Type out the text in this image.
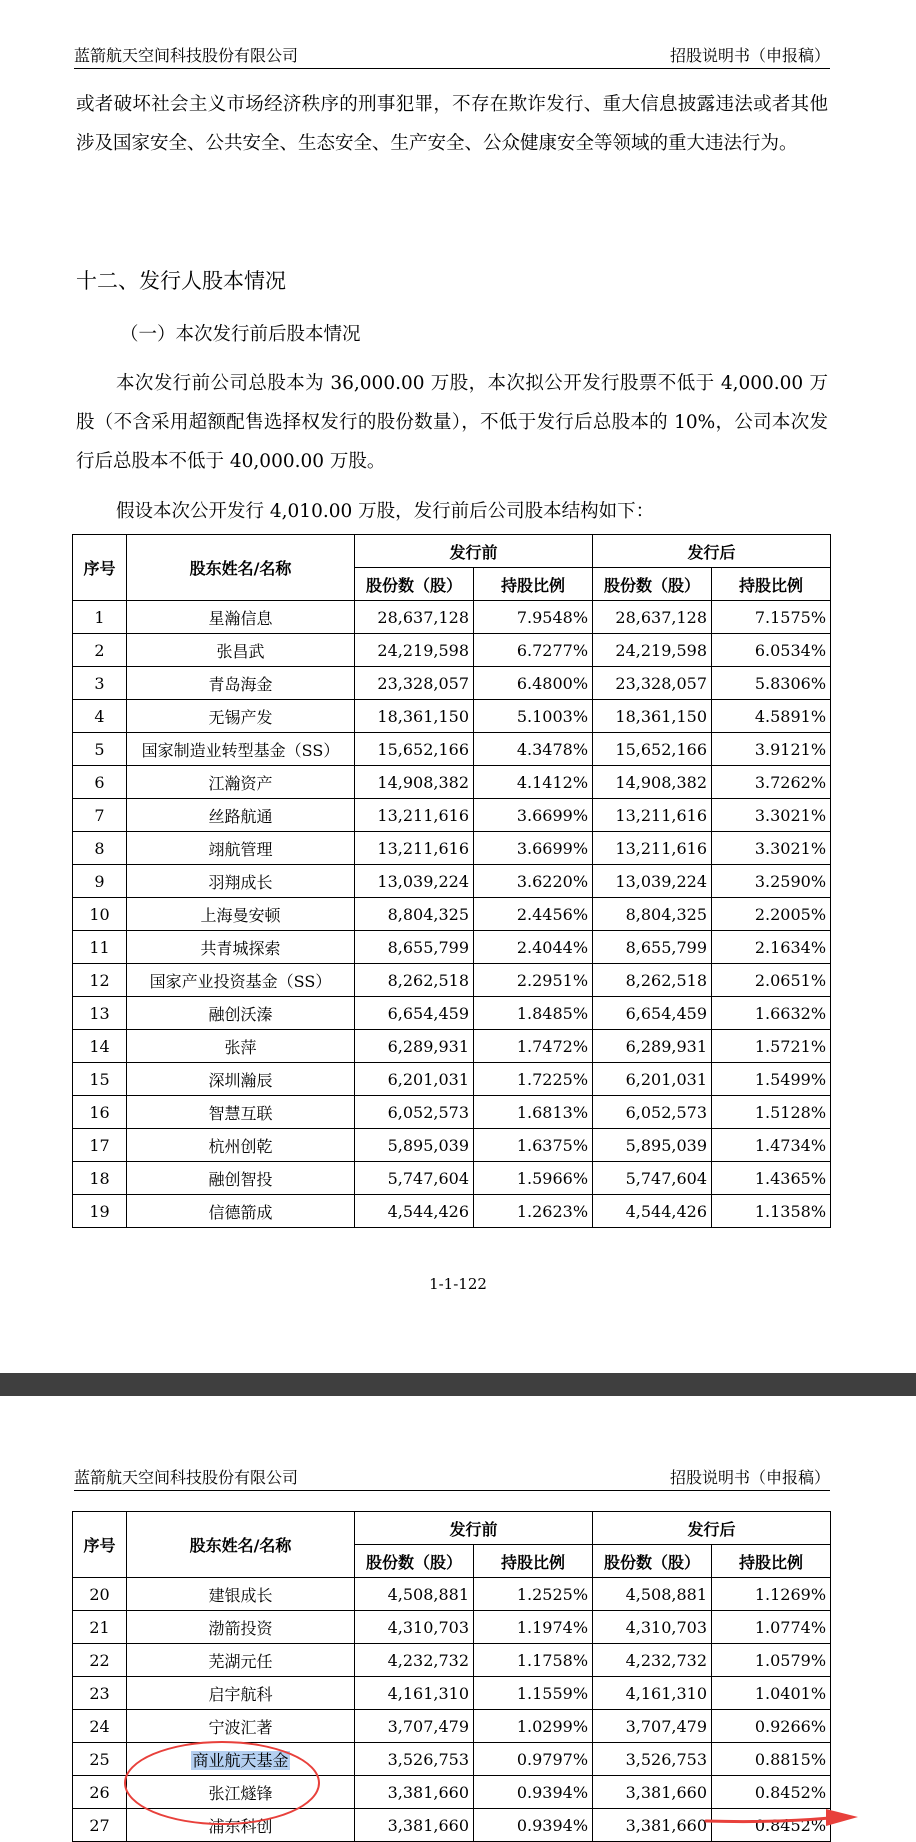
蓝箭航天空间科技股份有限公司	招股说明书（申报稿）

或者破坏社会主义市场经济秩序的刑事犯罪，不存在欺诈发行、重大信息披露违法或者其他涉及国家安全、公共安全、生态安全、生产安全、公众健康安全等领域的重大违法行为。

十二、发行人股本情况
（一）本次发行前后股本情况

本次发行前公司总股本为 36,000.00 万股，本次拟公开发行股票不低于 4,000.00 万股（不含采用超额配售选择权发行的股份数量），不低于发行后总股本的 10%，公司本次发行后总股本不低于 40,000.00 万股。

假设本次公开发行 4,010.00 万股，发行前后公司股本结构如下：

序号	股东姓名/名称	发行前		发行后	
		股份数（股）	持股比例	股份数（股）	持股比例
1	星瀚信息	28,637,128	7.9548%	28,637,128	7.1575%
2	张昌武	24,219,598	6.7277%	24,219,598	6.0534%
3	青岛海金	23,328,057	6.4800%	23,328,057	5.8306%
4	无锡产发	18,361,150	5.1003%	18,361,150	4.5891%
5	国家制造业转型基金（SS）	15,652,166	4.3478%	15,652,166	3.9121%
6	江瀚资产	14,908,382	4.1412%	14,908,382	3.7262%
7	丝路航通	13,211,616	3.6699%	13,211,616	3.3021%
8	翊航管理	13,211,616	3.6699%	13,211,616	3.3021%
9	羽翔成长	13,039,224	3.6220%	13,039,224	3.2590%
10	上海曼安顿	8,804,325	2.4456%	8,804,325	2.2005%
11	共青城探索	8,655,799	2.4044%	8,655,799	2.1634%
12	国家产业投资基金（SS）	8,262,518	2.2951%	8,262,518	2.0651%
13	融创沃溱	6,654,459	1.8485%	6,654,459	1.6632%
14	张萍	6,289,931	1.7472%	6,289,931	1.5721%
15	深圳瀚辰	6,201,031	1.7225%	6,201,031	1.5499%
16	智慧互联	6,052,573	1.6813%	6,052,573	1.5128%
17	杭州创乾	5,895,039	1.6375%	5,895,039	1.4734%
18	融创智投	5,747,604	1.5966%	5,747,604	1.4365%
19	信德箭成	4,544,426	1.2623%	4,544,426	1.1358%
1-1-122
蓝箭航天空间科技股份有限公司	招股说明书（申报稿）
序号	股东姓名/名称	发行前		发行后	
		股份数（股）	持股比例	股份数（股）	持股比例
20	建银成长	4,508,881	1.2525%	4,508,881	1.1269%
21	渤箭投资	4,310,703	1.1974%	4,310,703	1.0774%
22	芜湖元任	4,232,732	1.1758%	4,232,732	1.0579%
23	启宇航科	4,161,310	1.1559%	4,161,310	1.0401%
24	宁波汇著	3,707,479	1.0299%	3,707,479	0.9266%
25	商业航天基金	3,526,753	0.9797%	3,526,753	0.8815%
26	张江燧锋	3,381,660	0.9394%	3,381,660	0.8452%
27	浦东科创	3,381,660	0.9394%	3,381,660	0.8452%
